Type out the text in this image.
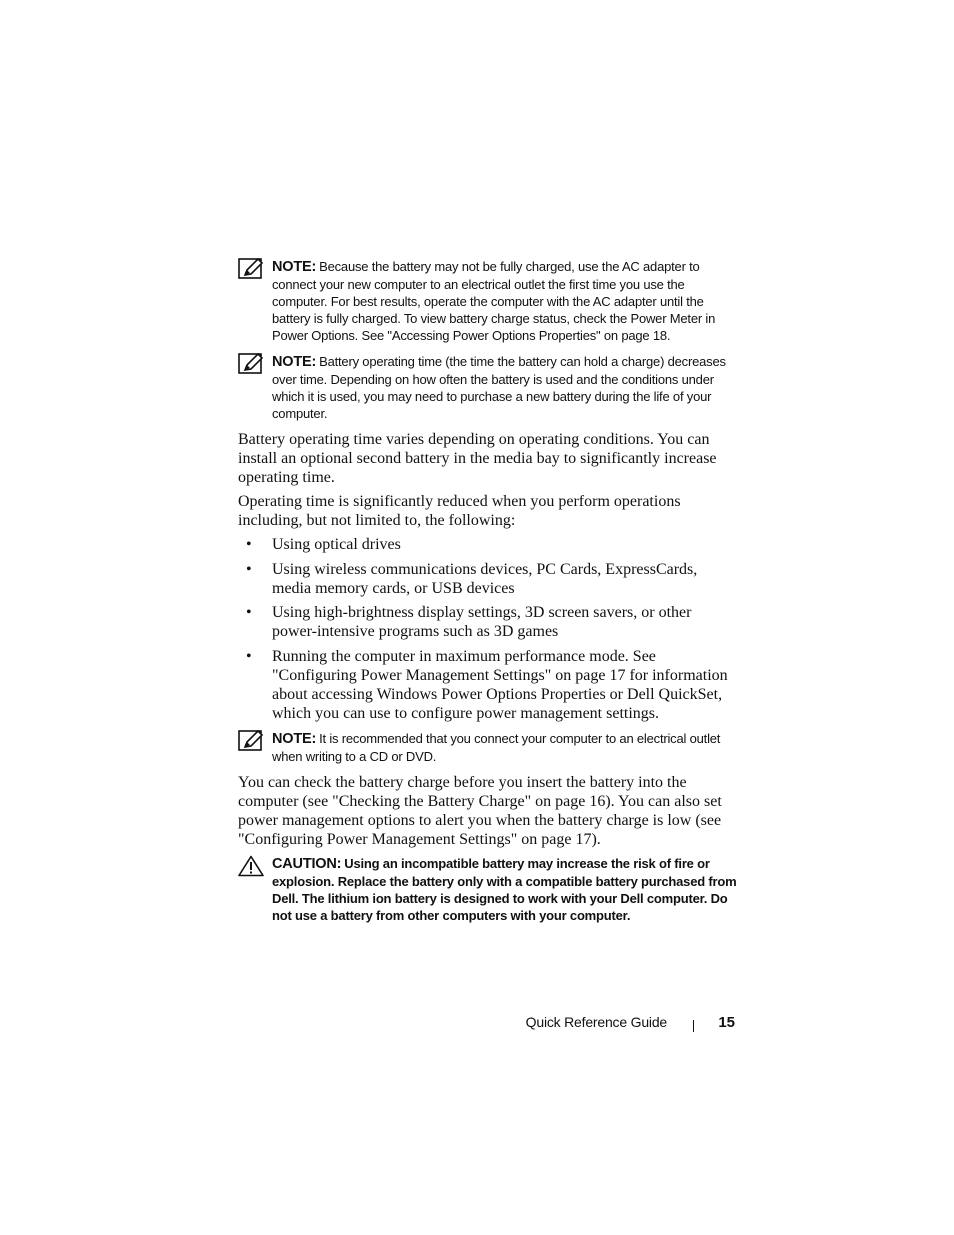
NOTE: Because the battery may not be fully charged, use the AC adapter to connect your new computer to an electrical outlet the first time you use the computer. For best results, operate the computer with the AC adapter until the battery is fully charged. To view battery charge status, check the Power Meter in Power Options. See "Accessing Power Options Properties" on page 18.
NOTE: Battery operating time (the time the battery can hold a charge) decreases over time. Depending on how often the battery is used and the conditions under which it is used, you may need to purchase a new battery during the life of your computer.

Battery operating time varies depending on operating conditions. You can install an optional second battery in the media bay to significantly increase operating time.

Operating time is significantly reduced when you perform operations including, but not limited to, the following:

• Using optical drives
• Using wireless communications devices, PC Cards, ExpressCards, media memory cards, or USB devices
• Using high-brightness display settings, 3D screen savers, or other power-intensive programs such as 3D games
• Running the computer in maximum performance mode. See "Configuring Power Management Settings" on page 17 for information about accessing Windows Power Options Properties or Dell QuickSet, which you can use to configure power management settings.
NOTE: It is recommended that you connect your computer to an electrical outlet when writing to a CD or DVD.

You can check the battery charge before you insert the battery into the computer (see "Checking the Battery Charge" on page 16). You can also set power management options to alert you when the battery charge is low (see "Configuring Power Management Settings" on page 17).

CAUTION: Using an incompatible battery may increase the risk of fire or explosion. Replace the battery only with a compatible battery purchased from Dell. The lithium ion battery is designed to work with your Dell computer. Do not use a battery from other computers with your computer.
Quick Reference Guide	15
